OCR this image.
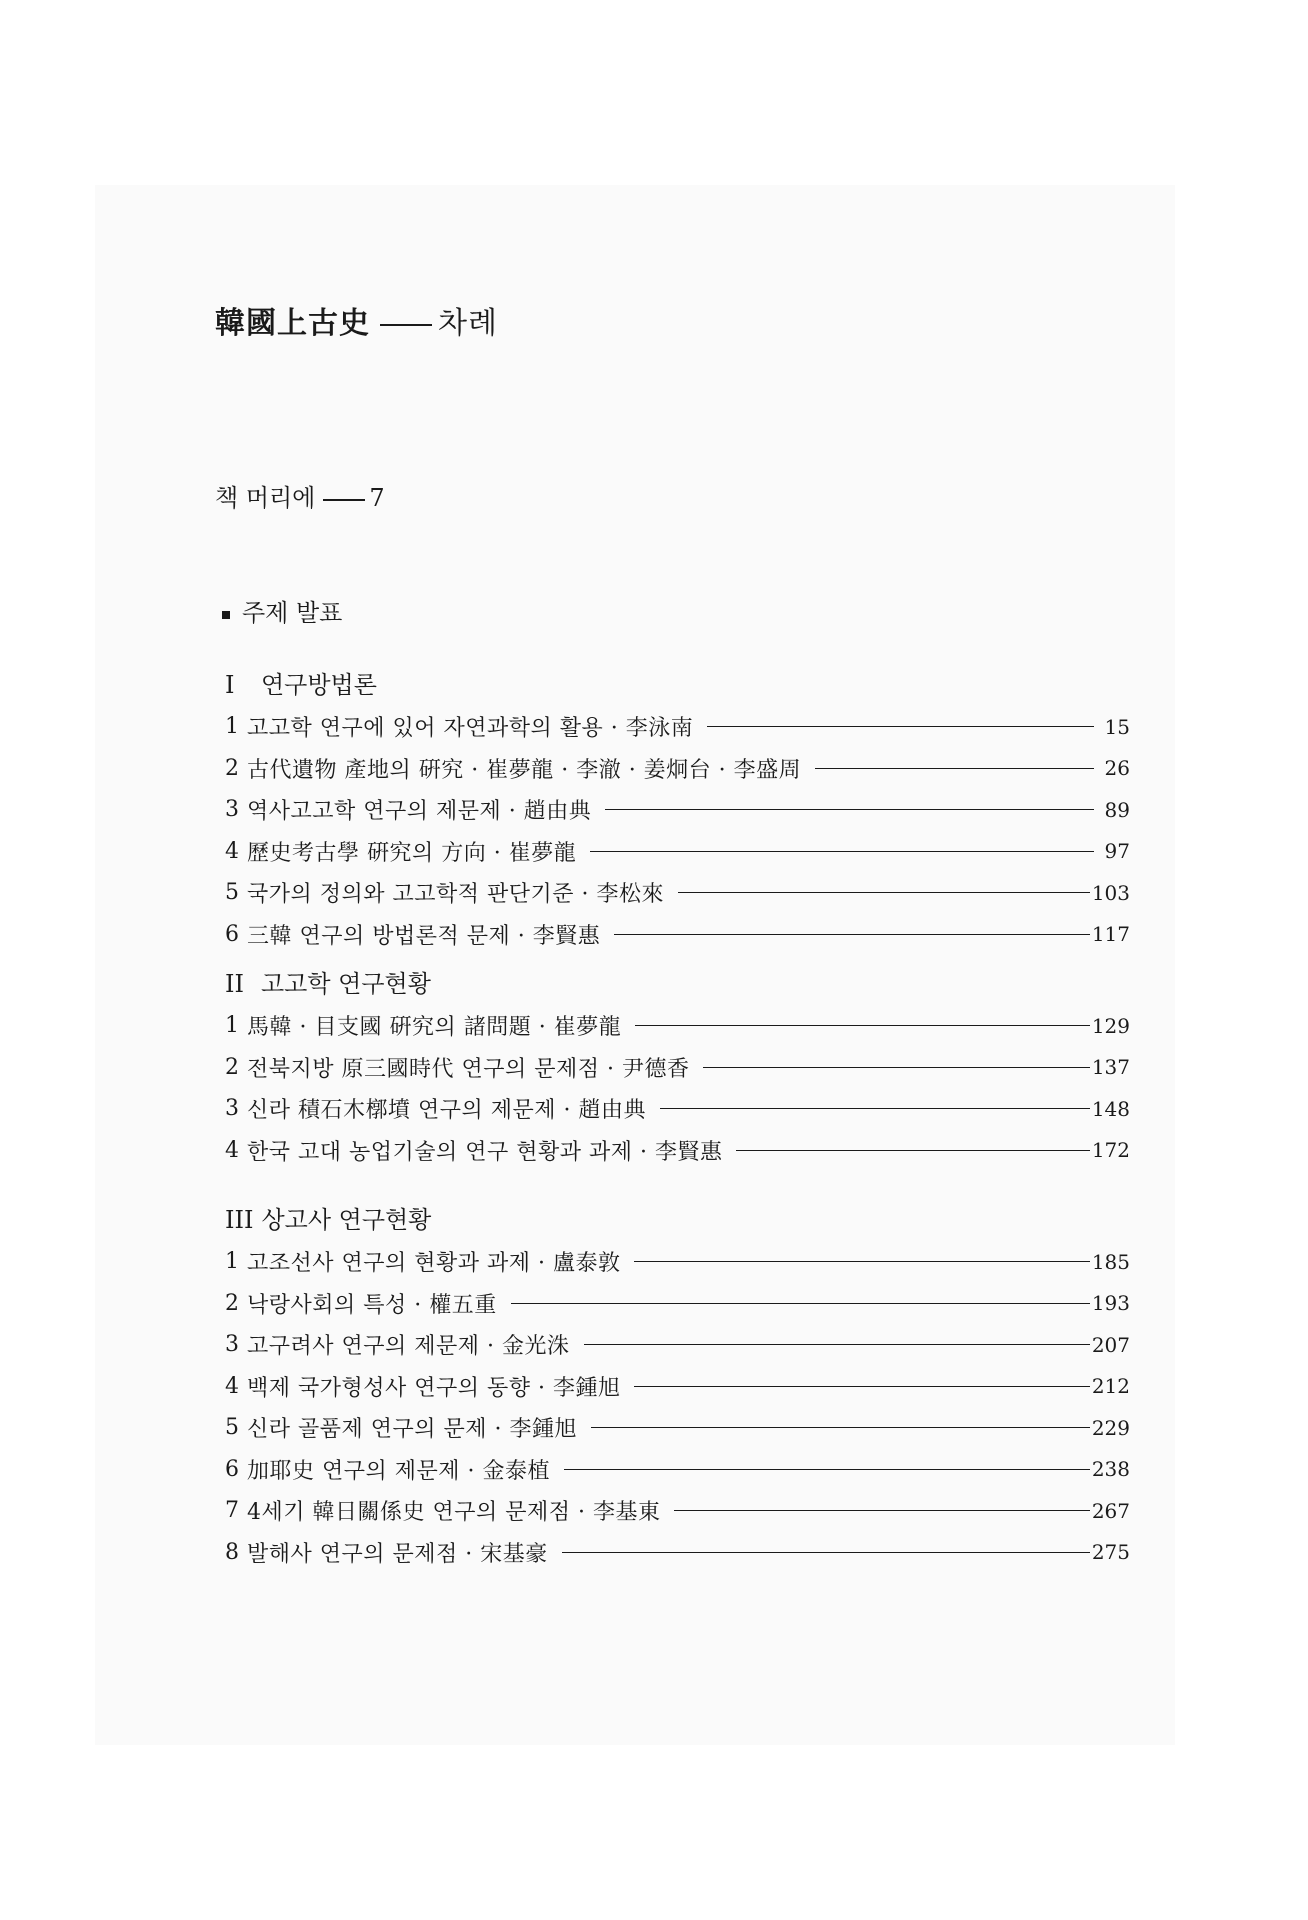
韓國上古史 차례
책 머리에 7
주제 발표
I 연구방법론
1 고고학 연구에 있어 자연과학의 활용 · 李泳南	15
2 古代遺物 產地의 硏究 · 崔夢龍 · 李澈 · 姜炯台 · 李盛周	26
3 역사고고학 연구의 제문제 · 趙由典	89
4 歷史考古學 硏究의 方向 · 崔夢龍	97
5 국가의 정의와 고고학적 판단기준 · 李松來	103
6 三韓 연구의 방법론적 문제 · 李賢惠	117
II 고고학 연구현황
1 馬韓 · 目支國 硏究의 諸問題 · 崔夢龍	129
2 전북지방 原三國時代 연구의 문제점 · 尹德香	137
3 신라 積石木槨墳 연구의 제문제 · 趙由典	148
4 한국 고대 농업기술의 연구 현황과 과제 · 李賢惠	172
III 상고사 연구현황
1 고조선사 연구의 현황과 과제 · 盧泰敦	185
2 낙랑사회의 특성 · 權五重	193
3 고구려사 연구의 제문제 · 金光洙	207
4 백제 국가형성사 연구의 동향 · 李鍾旭	212
5 신라 골품제 연구의 문제 · 李鍾旭	229
6 加耶史 연구의 제문제 · 金泰植	238
7 4세기 韓日關係史 연구의 문제점 · 李基東	267
8 발해사 연구의 문제점 · 宋基豪	275
